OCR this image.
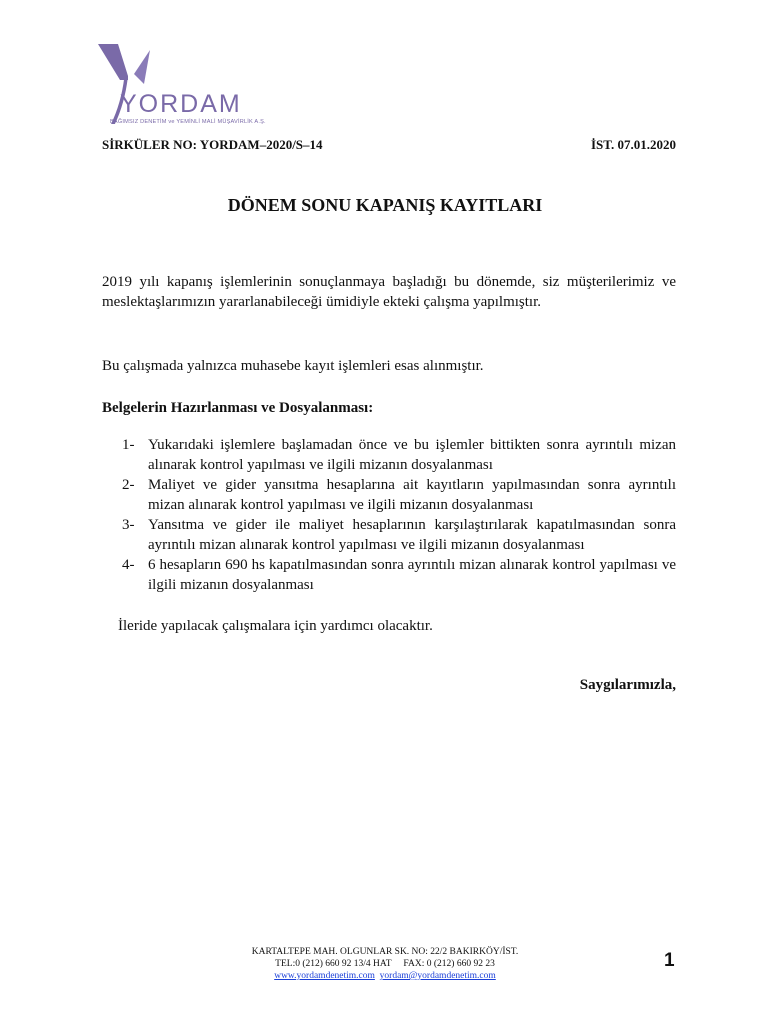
YORDAM
BAĞIMSIZ DENETİM ve YEMİNLİ MALİ MÜŞAVİRLİK A.Ş.
SİRKÜLER NO: YORDAM–2020/S–14	İST. 07.01.2020
DÖNEM SONU KAPANIŞ KAYITLARI
2019 yılı kapanış işlemlerinin sonuçlanmaya başladığı bu dönemde, siz müşterilerimiz ve meslektaşlarımızın yararlanabileceği ümidiyle ekteki çalışma yapılmıştır.
Bu çalışmada yalnızca muhasebe kayıt işlemleri esas alınmıştır.
Belgelerin Hazırlanması ve Dosyalanması:
1- Yukarıdaki işlemlere başlamadan önce ve bu işlemler bittikten sonra ayrıntılı mizan alınarak kontrol yapılması ve ilgili mizanın dosyalanması
2- Maliyet ve gider yansıtma hesaplarına ait kayıtların yapılmasından sonra ayrıntılı mizan alınarak kontrol yapılması ve ilgili mizanın dosyalanması
3- Yansıtma ve gider ile maliyet hesaplarının karşılaştırılarak kapatılmasından sonra ayrıntılı mizan alınarak kontrol yapılması ve ilgili mizanın dosyalanması
4- 6 hesapların 690 hs kapatılmasından sonra ayrıntılı mizan alınarak kontrol yapılması ve ilgili mizanın dosyalanması
İleride yapılacak çalışmalara için yardımcı olacaktır.
Saygılarımızla,
KARTALTEPE MAH. OLGUNLAR SK. NO: 22/2 BAKIRKÖY/İST.
TEL:0 (212) 660 92 13/4 HAT FAX: 0 (212) 660 92 23
www.yordamdenetim.com yordam@yordamdenetim.com
1
